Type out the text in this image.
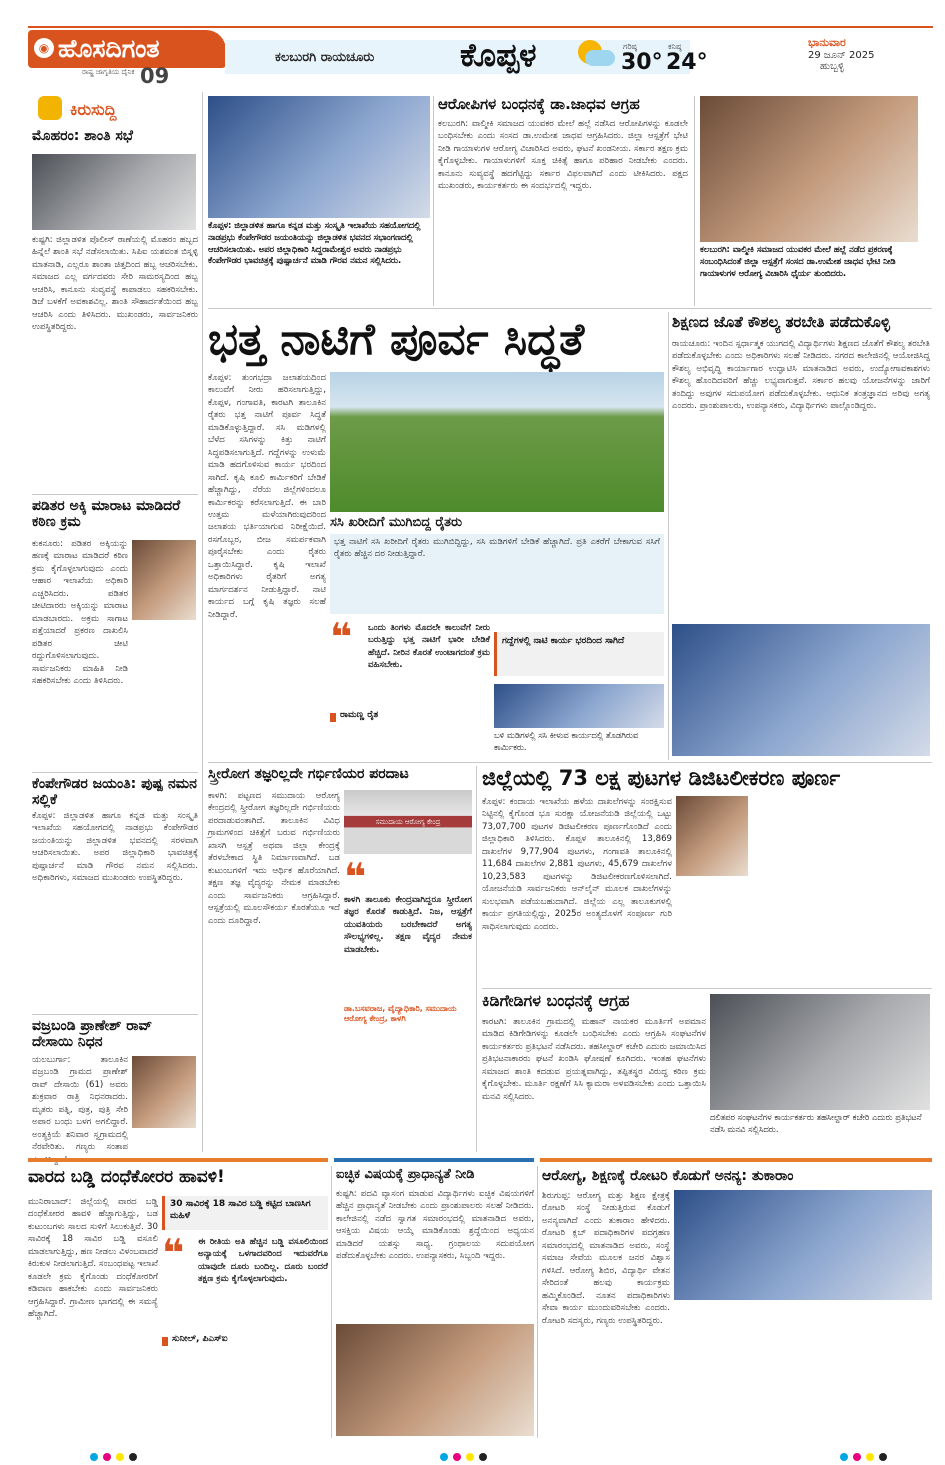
◉ ಹೊಸದಿಗಂತ
ರಾಷ್ಟ್ರ ಜಾಗೃತಿಯ ದೈನಿಕ 09
ಕಲಬುರಗಿ ರಾಯಚೂರು	ಕೊಪ್ಪಳ	ಗರಿಷ್ಠ
30°
ಕನಿಷ್ಠ
24°
ಭಾನುವಾರ
29 ಜೂನ್ 2025
ಹುಬ್ಬಳ್ಳಿ
ಕಿರುಸುದ್ದಿ
ಮೊಹರಂ: ಶಾಂತಿ ಸಭೆ
ಕುಷ್ಟಗಿ: ಜಿಲ್ಲಾಡಳಿತ ಪೊಲೀಸ್ ಠಾಣೆಯಲ್ಲಿ ಮೊಹರಂ ಹಬ್ಬದ ಹಿನ್ನೆಲೆ ಶಾಂತಿ ಸಭೆ ನಡೆಸಲಾಯಿತು. ಸಿಪಿಐ ಯಶವಂತ ಬಿಸ್ನಳ್ಳಿ ಮಾತನಾಡಿ, ಎಲ್ಲರೂ ಶಾಂತಾ ಚಿತ್ತದಿಂದ ಹಬ್ಬ ಆಚರಿಸಬೇಕು. ಸಮಾಜದ ಎಲ್ಲ ವರ್ಗದವರು ಸೇರಿ ಸಾಮರಸ್ಯದಿಂದ ಹಬ್ಬ ಆಚರಿಸಿ, ಕಾನೂನು ಸುವ್ಯವಸ್ಥೆ ಕಾಪಾಡಲು ಸಹಕರಿಸಬೇಕು. ಡಿಜೆ ಬಳಕೆಗೆ ಅವಕಾಶವಿಲ್ಲ. ಶಾಂತಿ ಸೌಹಾರ್ದತೆಯಿಂದ ಹಬ್ಬ ಆಚರಿಸಿ ಎಂದು ತಿಳಿಸಿದರು. ಮುಖಂಡರು, ಸಾರ್ವಜನಿಕರು ಉಪಸ್ಥಿತರಿದ್ದರು.
ಪಡಿತರ ಅಕ್ಕಿ ಮಾರಾಟ ಮಾಡಿದರೆ ಕಠಿಣ ಕ್ರಮ
ಕುಕನೂರು: ಪಡಿತರ ಅಕ್ಕಿಯನ್ನು ಹಣಕ್ಕೆ ಮಾರಾಟ ಮಾಡಿದರೆ ಕಠಿಣ ಕ್ರಮ ಕೈಗೊಳ್ಳಲಾಗುವುದು ಎಂದು ಆಹಾರ ಇಲಾಖೆಯ ಅಧಿಕಾರಿ ಎಚ್ಚರಿಸಿದರು. ಪಡಿತರ ಚೀಟಿದಾರರು ಅಕ್ಕಿಯನ್ನು ಮಾರಾಟ ಮಾಡಬಾರದು. ಅಕ್ರಮ ಸಾಗಾಟ ಪತ್ತೆಯಾದರೆ ಪ್ರಕರಣ ದಾಖಲಿಸಿ ಪಡಿತರ ಚೀಟಿ ರದ್ದುಗೊಳಿಸಲಾಗುವುದು. ಸಾರ್ವಜನಿಕರು ಮಾಹಿತಿ ನೀಡಿ ಸಹಕರಿಸಬೇಕು ಎಂದು ತಿಳಿಸಿದರು.
ಕೆಂಪೇಗೌಡರ ಜಯಂತಿ: ಪುಷ್ಪ ನಮನ ಸಲ್ಲಿಕೆ
ಕೊಪ್ಪಳ: ಜಿಲ್ಲಾಡಳಿತ ಹಾಗೂ ಕನ್ನಡ ಮತ್ತು ಸಂಸ್ಕೃತಿ ಇಲಾಖೆಯ ಸಹಯೋಗದಲ್ಲಿ ನಾಡಪ್ರಭು ಕೆಂಪೇಗೌಡರ ಜಯಂತಿಯನ್ನು ಜಿಲ್ಲಾಡಳಿತ ಭವನದಲ್ಲಿ ಸರಳವಾಗಿ ಆಚರಿಸಲಾಯಿತು. ಅಪರ ಜಿಲ್ಲಾಧಿಕಾರಿ ಭಾವಚಿತ್ರಕ್ಕೆ ಪುಷ್ಪಾರ್ಚನೆ ಮಾಡಿ ಗೌರವ ನಮನ ಸಲ್ಲಿಸಿದರು. ಅಧಿಕಾರಿಗಳು, ಸಮಾಜದ ಮುಖಂಡರು ಉಪಸ್ಥಿತರಿದ್ದರು.
ವಜ್ರಬಂಡಿ ಪ್ರಾಣೇಶ್ ರಾವ್ ದೇಸಾಯಿ ನಿಧನ
ಯಲಬುರ್ಗಾ: ತಾಲೂಕಿನ ವಜ್ರಬಂಡಿ ಗ್ರಾಮದ ಪ್ರಾಣೇಶ್ ರಾವ್ ದೇಸಾಯಿ (61) ಅವರು ಶುಕ್ರವಾರ ರಾತ್ರಿ ನಿಧನರಾದರು. ಮೃತರು ಪತ್ನಿ, ಪುತ್ರ, ಪುತ್ರಿ ಸೇರಿ ಅಪಾರ ಬಂಧು ಬಳಗ ಅಗಲಿದ್ದಾರೆ. ಅಂತ್ಯಕ್ರಿಯೆ ಶನಿವಾರ ಸ್ವಗ್ರಾಮದಲ್ಲಿ ನೆರವೇರಿತು. ಗಣ್ಯರು ಸಂತಾಪ
ಕೊಪ್ಪಳ: ಜಿಲ್ಲಾಡಳಿತ ಹಾಗೂ ಕನ್ನಡ ಮತ್ತು ಸಂಸ್ಕೃತಿ ಇಲಾಖೆಯ ಸಹಯೋಗದಲ್ಲಿ ನಾಡಪ್ರಭು ಕೆಂಪೇಗೌಡರ ಜಯಂತಿಯನ್ನು ಜಿಲ್ಲಾಡಳಿತ ಭವನದ ಸಭಾಂಗಣದಲ್ಲಿ ಆಚರಿಸಲಾಯಿತು. ಅಪರ ಜಿಲ್ಲಾಧಿಕಾರಿ ಸಿದ್ದರಾಮೇಶ್ವರ ಅವರು ನಾಡಪ್ರಭು ಕೆಂಪೇಗೌಡರ ಭಾವಚಿತ್ರಕ್ಕೆ ಪುಷ್ಪಾರ್ಚನೆ ಮಾಡಿ ಗೌರವ ನಮನ ಸಲ್ಲಿಸಿದರು.
ಆರೋಪಿಗಳ ಬಂಧನಕ್ಕೆ ಡಾ.ಜಾಧವ ಆಗ್ರಹ
ಕಲಬುರಗಿ: ವಾಲ್ಮೀಕಿ ಸಮಾಜದ ಯುವಕರ ಮೇಲೆ ಹಲ್ಲೆ ನಡೆಸಿದ ಆರೋಪಿಗಳನ್ನು ಕೂಡಲೇ ಬಂಧಿಸಬೇಕು ಎಂದು ಸಂಸದ ಡಾ.ಉಮೇಶ ಜಾಧವ ಆಗ್ರಹಿಸಿದರು. ಜಿಲ್ಲಾ ಆಸ್ಪತ್ರೆಗೆ ಭೇಟಿ ನೀಡಿ ಗಾಯಾಳುಗಳ ಆರೋಗ್ಯ ವಿಚಾರಿಸಿದ ಅವರು, ಘಟನೆ ಖಂಡನೀಯ. ಸರ್ಕಾರ ತಕ್ಷಣ ಕ್ರಮ ಕೈಗೊಳ್ಳಬೇಕು. ಗಾಯಾಳುಗಳಿಗೆ ಸೂಕ್ತ ಚಿಕಿತ್ಸೆ ಹಾಗೂ ಪರಿಹಾರ ನೀಡಬೇಕು ಎಂದರು. ಕಾನೂನು ಸುವ್ಯವಸ್ಥೆ ಹದಗೆಟ್ಟಿದ್ದು ಸರ್ಕಾರ ವಿಫಲವಾಗಿದೆ ಎಂದು ಟೀಕಿಸಿದರು. ಪಕ್ಷದ ಮುಖಂಡರು, ಕಾರ್ಯಕರ್ತರು ಈ ಸಂದರ್ಭದಲ್ಲಿ ಇದ್ದರು.
ಕಲಬುರಗಿ: ವಾಲ್ಮೀಕಿ ಸಮಾಜದ ಯುವಕರ ಮೇಲೆ ಹಲ್ಲೆ ನಡೆದ ಪ್ರಕರಣಕ್ಕೆ ಸಂಬಂಧಿಸಿದಂತೆ ಜಿಲ್ಲಾ ಆಸ್ಪತ್ರೆಗೆ ಸಂಸದ ಡಾ.ಉಮೇಶ ಜಾಧವ ಭೇಟಿ ನೀಡಿ ಗಾಯಾಳುಗಳ ಆರೋಗ್ಯ ವಿಚಾರಿಸಿ ಧೈರ್ಯ ತುಂಬಿದರು.
ಭತ್ತ ನಾಟಿಗೆ ಪೂರ್ವ ಸಿದ್ಧತೆ
ಕೊಪ್ಪಳ: ತುಂಗಭದ್ರಾ ಜಲಾಶಯದಿಂದ ಕಾಲುವೆಗೆ ನೀರು ಹರಿಸಲಾಗುತ್ತಿದ್ದು, ಕೊಪ್ಪಳ, ಗಂಗಾವತಿ, ಕಾರಟಗಿ ತಾಲೂಕಿನ ರೈತರು ಭತ್ತ ನಾಟಿಗೆ ಪೂರ್ವ ಸಿದ್ಧತೆ ಮಾಡಿಕೊಳ್ಳುತ್ತಿದ್ದಾರೆ. ಸಸಿ ಮಡಿಗಳಲ್ಲಿ ಬೆಳೆದ ಸಸಿಗಳನ್ನು ಕಿತ್ತು ನಾಟಿಗೆ ಸಿದ್ಧಪಡಿಸಲಾಗುತ್ತಿದೆ. ಗದ್ದೆಗಳನ್ನು ಉಳುಮೆ ಮಾಡಿ ಹದಗೊಳಿಸುವ ಕಾರ್ಯ ಭರದಿಂದ ಸಾಗಿದೆ. ಕೃಷಿ ಕೂಲಿ ಕಾರ್ಮಿಕರಿಗೆ ಬೇಡಿಕೆ ಹೆಚ್ಚಾಗಿದ್ದು, ನೆರೆಯ ಜಿಲ್ಲೆಗಳಿಂದಲೂ ಕಾರ್ಮಿಕರನ್ನು ಕರೆಸಲಾಗುತ್ತಿದೆ. ಈ ಬಾರಿ ಉತ್ತಮ ಮಳೆಯಾಗಿರುವುದರಿಂದ ಜಲಾಶಯ ಭರ್ತಿಯಾಗುವ ನಿರೀಕ್ಷೆಯಿದೆ. ರಸಗೊಬ್ಬರ, ಬೀಜ ಸಮರ್ಪಕವಾಗಿ ಪೂರೈಸಬೇಕು ಎಂದು ರೈತರು ಒತ್ತಾಯಿಸಿದ್ದಾರೆ. ಕೃಷಿ ಇಲಾಖೆ ಅಧಿಕಾರಿಗಳು ರೈತರಿಗೆ ಅಗತ್ಯ ಮಾರ್ಗದರ್ಶನ ನೀಡುತ್ತಿದ್ದಾರೆ. ನಾಟಿ ಕಾರ್ಯದ ಬಗ್ಗೆ ಕೃಷಿ ತಜ್ಞರು ಸಲಹೆ ನೀಡಿದ್ದಾರೆ.
ಸಸಿ ಖರೀದಿಗೆ ಮುಗಿಬಿದ್ದ ರೈತರು
ಭತ್ತ ನಾಟಿಗೆ ಸಸಿ ಖರೀದಿಗೆ ರೈತರು ಮುಗಿಬಿದ್ದಿದ್ದು, ಸಸಿ ಮಡಿಗಳಿಗೆ ಬೇಡಿಕೆ ಹೆಚ್ಚಾಗಿದೆ. ಪ್ರತಿ ಎಕರೆಗೆ ಬೇಕಾಗುವ ಸಸಿಗೆ ರೈತರು ಹೆಚ್ಚಿನ ದರ ನೀಡುತ್ತಿದ್ದಾರೆ.
❝	ಒಂದು ತಿಂಗಳು ಮೊದಲೇ ಕಾಲುವೆಗೆ ನೀರು ಬರುತ್ತಿದ್ದು ಭತ್ತ ನಾಟಿಗೆ ಭಾರೀ ಬೇಡಿಕೆ ಹೆಚ್ಚಿದೆ. ನೀರಿನ ಕೊರತೆ ಉಂಟಾಗದಂತೆ ಕ್ರಮ ವಹಿಸಬೇಕು.
ರಾಮಣ್ಣ ರೈತ
ಗದ್ದೆಗಳಲ್ಲಿ ನಾಟಿ ಕಾರ್ಯ ಭರದಿಂದ ಸಾಗಿದೆ
ಬಳಿ ಮಡಿಗಳಲ್ಲಿ ಸಸಿ ಕೀಳುವ ಕಾರ್ಯದಲ್ಲಿ ತೊಡಗಿರುವ ಕಾರ್ಮಿಕರು.
ಶಿಕ್ಷಣದ ಜೊತೆ ಕೌಶಲ್ಯ ತರಬೇತಿ ಪಡೆದುಕೊಳ್ಳಿ
ರಾಯಚೂರು: ಇಂದಿನ ಸ್ಪರ್ಧಾತ್ಮಕ ಯುಗದಲ್ಲಿ ವಿದ್ಯಾರ್ಥಿಗಳು ಶಿಕ್ಷಣದ ಜೊತೆಗೆ ಕೌಶಲ್ಯ ತರಬೇತಿ ಪಡೆದುಕೊಳ್ಳಬೇಕು ಎಂದು ಅಧಿಕಾರಿಗಳು ಸಲಹೆ ನೀಡಿದರು. ನಗರದ ಕಾಲೇಜಿನಲ್ಲಿ ಆಯೋಜಿಸಿದ್ದ ಕೌಶಲ್ಯ ಅಭಿವೃದ್ಧಿ ಕಾರ್ಯಾಗಾರ ಉದ್ಘಾಟಿಸಿ ಮಾತನಾಡಿದ ಅವರು, ಉದ್ಯೋಗಾವಕಾಶಗಳು ಕೌಶಲ್ಯ ಹೊಂದಿದವರಿಗೆ ಹೆಚ್ಚು ಲಭ್ಯವಾಗುತ್ತವೆ. ಸರ್ಕಾರ ಹಲವು ಯೋಜನೆಗಳನ್ನು ಜಾರಿಗೆ ತಂದಿದ್ದು ಅವುಗಳ ಸದುಪಯೋಗ ಪಡೆದುಕೊಳ್ಳಬೇಕು. ಆಧುನಿಕ ತಂತ್ರಜ್ಞಾನದ ಅರಿವು ಅಗತ್ಯ ಎಂದರು. ಪ್ರಾಂಶುಪಾಲರು, ಉಪನ್ಯಾಸಕರು, ವಿದ್ಯಾರ್ಥಿಗಳು ಪಾಲ್ಗೊಂಡಿದ್ದರು.
ಸ್ತ್ರೀರೋಗ ತಜ್ಞರಿಲ್ಲದೇ ಗರ್ಭಿಣಿಯರ ಪರದಾಟ
ಕಾಳಗಿ: ಪಟ್ಟಣದ ಸಮುದಾಯ ಆರೋಗ್ಯ ಕೇಂದ್ರದಲ್ಲಿ ಸ್ತ್ರೀರೋಗ ತಜ್ಞರಿಲ್ಲದೇ ಗರ್ಭಿಣಿಯರು ಪರದಾಡುವಂತಾಗಿದೆ. ತಾಲೂಕಿನ ವಿವಿಧ ಗ್ರಾಮಗಳಿಂದ ಚಿಕಿತ್ಸೆಗೆ ಬರುವ ಗರ್ಭಿಣಿಯರು ಖಾಸಗಿ ಆಸ್ಪತ್ರೆ ಅಥವಾ ಜಿಲ್ಲಾ ಕೇಂದ್ರಕ್ಕೆ ತೆರಳಬೇಕಾದ ಸ್ಥಿತಿ ನಿರ್ಮಾಣವಾಗಿದೆ. ಬಡ ಕುಟುಂಬಗಳಿಗೆ ಇದು ಆರ್ಥಿಕ ಹೊರೆಯಾಗಿದೆ. ತಕ್ಷಣ ತಜ್ಞ ವೈದ್ಯರನ್ನು ನೇಮಕ ಮಾಡಬೇಕು ಎಂದು ಸಾರ್ವಜನಿಕರು ಆಗ್ರಹಿಸಿದ್ದಾರೆ. ಆಸ್ಪತ್ರೆಯಲ್ಲಿ ಮೂಲಸೌಕರ್ಯ ಕೊರತೆಯೂ ಇದೆ ಎಂದು ದೂರಿದ್ದಾರೆ.
ಸಮುದಾಯ ಆರೋಗ್ಯ ಕೇಂದ್ರ
❝
ಕಾಳಗಿ ತಾಲೂಕು ಕೇಂದ್ರವಾಗಿದ್ದರೂ ಸ್ತ್ರೀರೋಗ ತಜ್ಞರ ಕೊರತೆ ಕಾಡುತ್ತಿದೆ. ನಿಜ, ಆಸ್ಪತ್ರೆಗೆ ಯುವತಿಯರು ಬರಬೇಕಾದರೆ ಅಗತ್ಯ ಸೌಲಭ್ಯಗಳಿಲ್ಲ. ತಕ್ಷಣ ವೈದ್ಯರ ನೇಮಕ ಮಾಡಬೇಕು.
ಡಾ.ಬಸವರಾಜ, ವೈದ್ಯಾಧಿಕಾರಿ, ಸಮುದಾಯ ಆರೋಗ್ಯ ಕೇಂದ್ರ, ಕಾಳಗಿ
ಜಿಲ್ಲೆಯಲ್ಲಿ 73 ಲಕ್ಷ ಪುಟಗಳ ಡಿಜಿಟಲೀಕರಣ ಪೂರ್ಣ
ಕೊಪ್ಪಳ: ಕಂದಾಯ ಇಲಾಖೆಯ ಹಳೆಯ ದಾಖಲೆಗಳನ್ನು ಸಂರಕ್ಷಿಸುವ ನಿಟ್ಟಿನಲ್ಲಿ ಕೈಗೊಂಡ ಭೂ ಸುರಕ್ಷಾ ಯೋಜನೆಯಡಿ ಜಿಲ್ಲೆಯಲ್ಲಿ ಒಟ್ಟು 73,07,700 ಪುಟಗಳ ಡಿಜಿಟಲೀಕರಣ ಪೂರ್ಣಗೊಂಡಿದೆ ಎಂದು ಜಿಲ್ಲಾಧಿಕಾರಿ ತಿಳಿಸಿದರು. ಕೊಪ್ಪಳ ತಾಲೂಕಿನಲ್ಲಿ 13,869 ದಾಖಲೆಗಳ 9,77,904 ಪುಟಗಳು, ಗಂಗಾವತಿ ತಾಲೂಕಿನಲ್ಲಿ 11,684 ದಾಖಲೆಗಳ 2,881 ಪುಟಗಳು, 45,679 ದಾಖಲೆಗಳ 10,23,583 ಪುಟಗಳನ್ನು ಡಿಜಿಟಲೀಕರಣಗೊಳಿಸಲಾಗಿದೆ. ಯೋಜನೆಯಡಿ ಸಾರ್ವಜನಿಕರು ಆನ್‌ಲೈನ್ ಮೂಲಕ ದಾಖಲೆಗಳನ್ನು ಸುಲಭವಾಗಿ ಪಡೆಯಬಹುದಾಗಿದೆ. ಜಿಲ್ಲೆಯ ಎಲ್ಲ ತಾಲೂಕುಗಳಲ್ಲಿ ಕಾರ್ಯ ಪ್ರಗತಿಯಲ್ಲಿದ್ದು, 2025ರ ಅಂತ್ಯದೊಳಗೆ ಸಂಪೂರ್ಣ ಗುರಿ ಸಾಧಿಸಲಾಗುವುದು ಎಂದರು.
ಕಿಡಿಗೇಡಿಗಳ ಬಂಧನಕ್ಕೆ ಆಗ್ರಹ
ಕಾರಟಗಿ: ತಾಲೂಕಿನ ಗ್ರಾಮದಲ್ಲಿ ಮಹಾನ್ ನಾಯಕರ ಮೂರ್ತಿಗೆ ಅಪಮಾನ ಮಾಡಿದ ಕಿಡಿಗೇಡಿಗಳನ್ನು ಕೂಡಲೇ ಬಂಧಿಸಬೇಕು ಎಂದು ಆಗ್ರಹಿಸಿ ಸಂಘಟನೆಗಳ ಕಾರ್ಯಕರ್ತರು ಪ್ರತಿಭಟನೆ ನಡೆಸಿದರು. ತಹಸೀಲ್ದಾರ್ ಕಚೇರಿ ಎದುರು ಜಮಾಯಿಸಿದ ಪ್ರತಿಭಟನಾಕಾರರು ಘಟನೆ ಖಂಡಿಸಿ ಘೋಷಣೆ ಕೂಗಿದರು. ಇಂತಹ ಘಟನೆಗಳು ಸಮಾಜದ ಶಾಂತಿ ಕದಡುವ ಪ್ರಯತ್ನವಾಗಿದ್ದು, ತಪ್ಪಿತಸ್ಥರ ವಿರುದ್ಧ ಕಠಿಣ ಕ್ರಮ ಕೈಗೊಳ್ಳಬೇಕು. ಮೂರ್ತಿ ರಕ್ಷಣೆಗೆ ಸಿಸಿ ಕ್ಯಾಮರಾ ಅಳವಡಿಸಬೇಕು ಎಂದು ಒತ್ತಾಯಿಸಿ ಮನವಿ ಸಲ್ಲಿಸಿದರು.
ದಲಿತಪರ ಸಂಘಟನೆಗಳ ಕಾರ್ಯಕರ್ತರು ತಹಸೀಲ್ದಾರ್ ಕಚೇರಿ ಎದುರು ಪ್ರತಿಭಟನೆ ನಡೆಸಿ ಮನವಿ ಸಲ್ಲಿಸಿದರು.
ವಾರದ ಬಡ್ಡಿ ದಂಧೆಕೋರರ ಹಾವಳಿ!
ಮುನಿರಾಬಾದ್: ಜಿಲ್ಲೆಯಲ್ಲಿ ವಾರದ ಬಡ್ಡಿ ದಂಧೆಕೋರರ ಹಾವಳಿ ಹೆಚ್ಚಾಗುತ್ತಿದ್ದು, ಬಡ ಕುಟುಂಬಗಳು ಸಾಲದ ಸುಳಿಗೆ ಸಿಲುಕುತ್ತಿವೆ. 30 ಸಾವಿರಕ್ಕೆ 18 ಸಾವಿರ ಬಡ್ಡಿ ವಸೂಲಿ ಮಾಡಲಾಗುತ್ತಿದ್ದು, ಹಣ ನೀಡಲು ವಿಳಂಬವಾದರೆ ಕಿರುಕುಳ ನೀಡಲಾಗುತ್ತಿದೆ. ಸಂಬಂಧಪಟ್ಟ ಇಲಾಖೆ ಕೂಡಲೇ ಕ್ರಮ ಕೈಗೊಂಡು ದಂಧೆಕೋರರಿಗೆ ಕಡಿವಾಣ ಹಾಕಬೇಕು ಎಂದು ಸಾರ್ವಜನಿಕರು ಆಗ್ರಹಿಸಿದ್ದಾರೆ. ಗ್ರಾಮೀಣ ಭಾಗದಲ್ಲಿ ಈ ಸಮಸ್ಯೆ ಹೆಚ್ಚಾಗಿದೆ.
30 ಸಾವಿರಕ್ಕೆ 18 ಸಾವಿರ ಬಡ್ಡಿ ಕಟ್ಟಿದ ಬಾಣಸಿಗ ಮಹಿಳೆ
❝	ಈ ರೀತಿಯ ಅತಿ ಹೆಚ್ಚಿನ ಬಡ್ಡಿ ವಸೂಲಿಯಿಂದ ಅನ್ಯಾಯಕ್ಕೆ ಒಳಗಾದವರಿಂದ ಇದುವರೆಗೂ ಯಾವುದೇ ದೂರು ಬಂದಿಲ್ಲ. ದೂರು ಬಂದರೆ ತಕ್ಷಣ ಕ್ರಮ ಕೈಗೊಳ್ಳಲಾಗುವುದು.
ಸುನೀಲ್, ಪಿಎಸ್ಐ
ಐಚ್ಛಿಕ ವಿಷಯಕ್ಕೆ ಪ್ರಾಧಾನ್ಯತೆ ನೀಡಿ
ಕುಷ್ಟಗಿ: ಪದವಿ ವ್ಯಾಸಂಗ ಮಾಡುವ ವಿದ್ಯಾರ್ಥಿಗಳು ಐಚ್ಛಿಕ ವಿಷಯಗಳಿಗೆ ಹೆಚ್ಚಿನ ಪ್ರಾಧಾನ್ಯತೆ ನೀಡಬೇಕು ಎಂದು ಪ್ರಾಂಶುಪಾಲರು ಸಲಹೆ ನೀಡಿದರು. ಕಾಲೇಜಿನಲ್ಲಿ ನಡೆದ ಸ್ವಾಗತ ಸಮಾರಂಭದಲ್ಲಿ ಮಾತನಾಡಿದ ಅವರು, ಆಸಕ್ತಿಯ ವಿಷಯ ಆಯ್ಕೆ ಮಾಡಿಕೊಂಡು ಶ್ರದ್ಧೆಯಿಂದ ಅಧ್ಯಯನ ಮಾಡಿದರೆ ಯಶಸ್ಸು ಸಾಧ್ಯ. ಗ್ರಂಥಾಲಯ ಸದುಪಯೋಗ ಪಡೆದುಕೊಳ್ಳಬೇಕು ಎಂದರು. ಉಪನ್ಯಾಸಕರು, ಸಿಬ್ಬಂದಿ ಇದ್ದರು.
ಆರೋಗ್ಯ, ಶಿಕ್ಷಣಕ್ಕೆ ರೋಟರಿ ಕೊಡುಗೆ ಅನನ್ಯ: ತುಕಾರಾಂ
ಶಿರುಗುಪ್ಪ: ಆರೋಗ್ಯ ಮತ್ತು ಶಿಕ್ಷಣ ಕ್ಷೇತ್ರಕ್ಕೆ ರೋಟರಿ ಸಂಸ್ಥೆ ನೀಡುತ್ತಿರುವ ಕೊಡುಗೆ ಅನನ್ಯವಾಗಿದೆ ಎಂದು ತುಕಾರಾಂ ಹೇಳಿದರು. ರೋಟರಿ ಕ್ಲಬ್ ಪದಾಧಿಕಾರಿಗಳ ಪದಗ್ರಹಣ ಸಮಾರಂಭದಲ್ಲಿ ಮಾತನಾಡಿದ ಅವರು, ಸಂಸ್ಥೆ ಸಮಾಜ ಸೇವೆಯ ಮೂಲಕ ಜನರ ವಿಶ್ವಾಸ ಗಳಿಸಿದೆ. ಆರೋಗ್ಯ ಶಿಬಿರ, ವಿದ್ಯಾರ್ಥಿ ವೇತನ ಸೇರಿದಂತೆ ಹಲವು ಕಾರ್ಯಕ್ರಮ ಹಮ್ಮಿಕೊಂಡಿದೆ. ನೂತನ ಪದಾಧಿಕಾರಿಗಳು ಸೇವಾ ಕಾರ್ಯ ಮುಂದುವರಿಸಬೇಕು ಎಂದರು. ರೋಟರಿ ಸದಸ್ಯರು, ಗಣ್ಯರು ಉಪಸ್ಥಿತರಿದ್ದರು.
